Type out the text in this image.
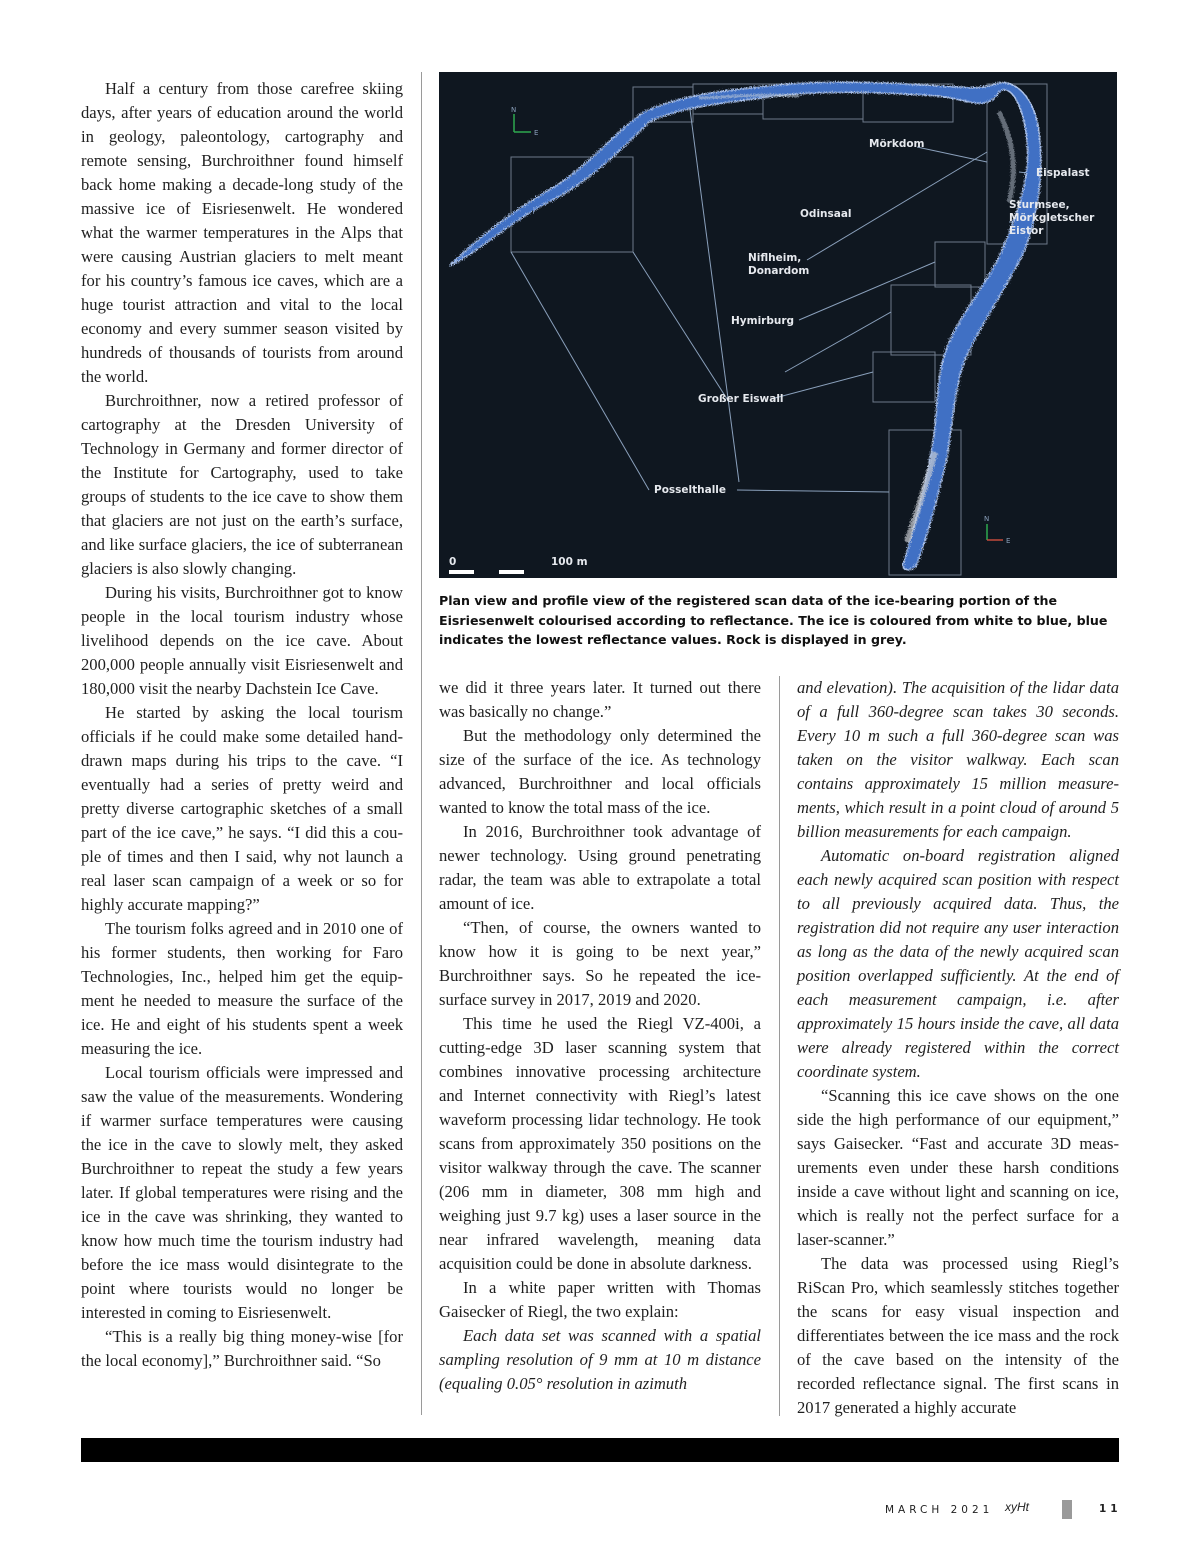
Half a century from those carefree skiing days, after years of education around the world in geology, paleontology, cartography and remote sensing, Burchroithner found himself back home making a decade-long study of the massive ice of Eisriesenwelt. He wondered what the warmer temperatures in the Alps that were causing Austrian glaciers to melt meant for his country’s famous ice caves, which are a huge tourist attraction and vital to the local economy and every summer season visited by hundreds of thousands of tourists from around the world.

Burchroithner, now a retired professor of cartography at the Dresden University of Technology in Germany and former director of the Institute for Cartography, used to take groups of students to the ice cave to show them that glaciers are not just on the earth’s surface, and like surface glaciers, the ice of subterranean glaciers is also slowly changing.

During his visits, Burchroithner got to know people in the local tourism industry whose livelihood depends on the ice cave. About 200,000 people annually visit Eisriesenwelt and 180,000 visit the nearby Dachstein Ice Cave.

He started by asking the local tourism officials if he could make some detailed hand-drawn maps during his trips to the cave. “I eventually had a series of pretty weird and pretty diverse cartographic sketches of a small part of the ice cave,” he says. “I did this a couple of times and then I said, why not launch a real laser scan campaign of a week or so for highly accurate mapping?”

The tourism folks agreed and in 2010 one of his former students, then working for Faro Technologies, Inc., helped him get the equipment he needed to measure the surface of the ice. He and eight of his students spent a week measuring the ice.

Local tourism officials were impressed and saw the value of the measurements. Wondering if warmer surface temperatures were causing the ice in the cave to slowly melt, they asked Burchroithner to repeat the study a few years later. If global temperatures were rising and the ice in the cave was shrinking, they wanted to know how much time the tourism industry had before the ice mass would disintegrate to the point where tourists would no longer be interested in coming to Eisriesenwelt.

“This is a really big thing money-wise [for the local economy],” Burchroithner said. “So

Mörkdom
Eispalast
Sturmsee,
Mörkgletscher
Eistor
Odinsaal
Niflheim,
Donardom
Hymirburg
Großer Eiswall
Posselthalle
0	100 m
N
E
N
E
Plan view and profile view of the registered scan data of the ice-bearing portion of the Eisriesenwelt colourised according to reflectance. The ice is coloured from white to blue, blue indicates the lowest reflectance values. Rock is displayed in grey.

we did it three years later. It turned out there was basically no change.”

But the methodology only determined the size of the surface of the ice. As technology advanced, Burchroithner and local officials wanted to know the total mass of the ice.

In 2016, Burchroithner took advantage of newer technology. Using ground penetrating radar, the team was able to extrapolate a total amount of ice.

“Then, of course, the owners wanted to know how it is going to be next year,” Burchroithner says. So he repeated the ice-surface survey in 2017, 2019 and 2020.

This time he used the Riegl VZ-400i, a cutting-edge 3D laser scanning system that combines innovative processing architecture and Internet connectivity with Riegl’s latest waveform processing lidar technology. He took scans from approximately 350 positions on the visitor walkway through the cave. The scanner (206 mm in diameter, 308 mm high and weighing just 9.7 kg) uses a laser source in the near infrared wavelength, meaning data acquisition could be done in absolute darkness.

In a white paper written with Thomas Gaisecker of Riegl, the two explain:

Each data set was scanned with a spatial sampling resolution of 9 mm at 10 m distance (equaling 0.05° resolution in azimuth

and elevation). The acquisition of the lidar data of a full 360-degree scan takes 30 seconds. Every 10 m such a full 360-degree scan was taken on the visitor walkway. Each scan contains approximately 15 million measurements, which result in a point cloud of around 5 billion measurements for each campaign.

Automatic on-board registration aligned each newly acquired scan position with respect to all previously acquired data. Thus, the registration did not require any user interaction as long as the data of the newly acquired scan position overlapped sufficiently. At the end of each measurement campaign, i.e. after approximately 15 hours inside the cave, all data were already registered within the correct coordinate system.

“Scanning this ice cave shows on the one side the high performance of our equipment,” says Gaisecker. “Fast and accurate 3D measurements even under these harsh conditions inside a cave without light and scanning on ice, which is really not the perfect surface for a laser-scanner.”

The data was processed using Riegl’s RiScan Pro, which seamlessly stitches together the scans for easy visual inspection and differentiates between the ice mass and the rock of the cave based on the intensity of the recorded reflectance signal. The first scans in 2017 generated a highly accurate

MARCH 2021 xyHt	11
